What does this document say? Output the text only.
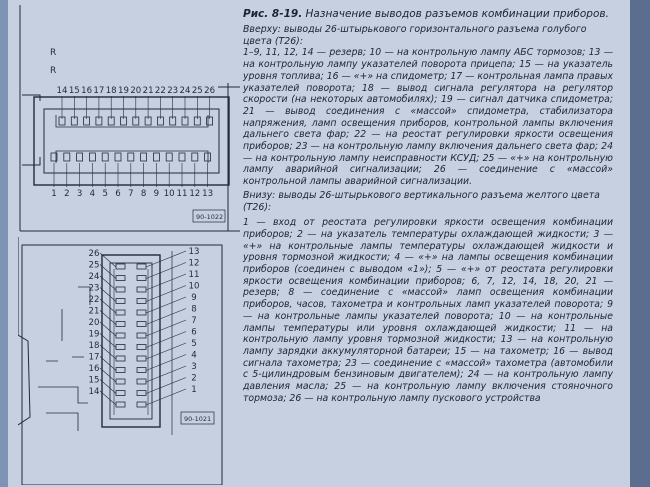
R
R
90-1022
14 15 16 17 18 19 20 21 22 23 24 25 26
1 2 3 4 5 6 7 8 9 10 11 12 13
90-1021
26
25
24
23
22
21
20
19
18
17
16
15
14
13
12
11
10
9
8
7
6
5
4
3
2
1
Рис. 8-19. Назначение выводов разъемов комбинации приборов.

Вверху: выводы 26-штырькового горизонтального разъема голубого цвета (T26):

1–9, 11, 12, 14 — резерв; 10 — на контрольную лампу АБС тормозов; 13 — на контрольную лампу указателей поворота прицепа; 15 — на указатель уровня топлива; 16 — «+» на спидометр; 17 — контрольная лампа правых указателей поворота; 18 — вывод сигнала регулятора на регулятор скорости (на некоторых автомобилях); 19 — сигнал датчика спидометра; 21 — вывод соединения с «массой» спидометра, стабилизатора напряжения, ламп освещения приборов, контрольной лампы включения дальнего света фар; 22 — на реостат регулировки яркости освещения приборов; 23 — на контрольную лампу включения дальнего света фар; 24 — на контрольную лампу неисправности КСУД; 25 — «+» на контрольную лампу аварийной сигнализации; 26 — соединение с «массой» контрольной лампы аварийной сигнализации.

Внизу: выводы 26-штырькового вертикального разъема желтого цвета (T26):

1 — вход от реостата регулировки яркости освещения комбинации приборов; 2 — на указатель температуры охлаждающей жидкости; 3 — «+» на контрольные лампы температуры охлаждающей жидкости и уровня тормозной жидкости; 4 — «+» на лампы освещения комбинации приборов (соединен с выводом «1»); 5 — «+» от реостата регулировки яркости освещения комбинации приборов; 6, 7, 12, 14, 18, 20, 21 — резерв; 8 — соединение с «массой» ламп освещения комбинации приборов, часов, тахометра и контрольных ламп указателей поворота; 9 — на контрольные лампы указателей поворота; 10 — на контрольные лампы температуры или уровня охлаждающей жидкости; 11 — на контрольную лампу уровня тормозной жидкости; 13 — на контрольную лампу зарядки аккумуляторной батареи; 15 — на тахометр; 16 — вывод сигнала тахометра; 23 — соединение с «массой» тахометра (автомобили с 5-цилиндровым бензиновым двигателем); 24 — на контрольную лампу давления масла; 25 — на контрольную лампу включения стояночного тормоза; 26 — на контрольную лампу пускового устройства
